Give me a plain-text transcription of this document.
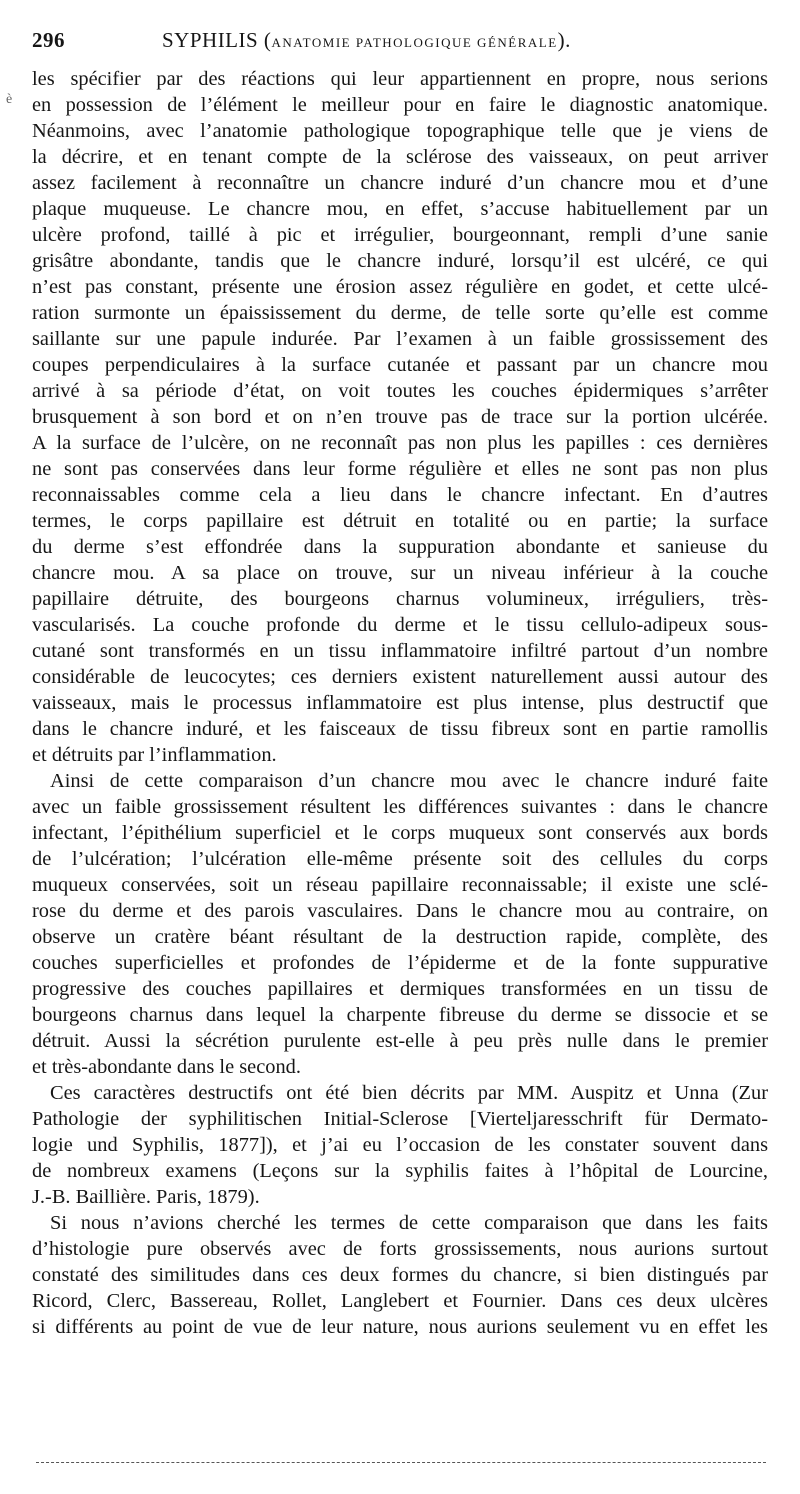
296	SYPHILIS (ANATOMIE PATHOLOGIQUE GÉNÉRALE).
è
les spécifier par des réactions qui leur appartiennent en propre, nous serions
en possession de l’élément le meilleur pour en faire le diagnostic anatomique.
Néanmoins, avec l’anatomie pathologique topographique telle que je viens de
la décrire, et en tenant compte de la sclérose des vaisseaux, on peut arriver
assez facilement à reconnaître un chancre induré d’un chancre mou et d’une
plaque muqueuse. Le chancre mou, en effet, s’accuse habituellement par un
ulcère profond, taillé à pic et irrégulier, bourgeonnant, rempli d’une sanie
grisâtre abondante, tandis que le chancre induré, lorsqu’il est ulcéré, ce qui
n’est pas constant, présente une érosion assez régulière en godet, et cette ulcé-
ration surmonte un épaississement du derme, de telle sorte qu’elle est comme
saillante sur une papule indurée. Par l’examen à un faible grossissement des
coupes perpendiculaires à la surface cutanée et passant par un chancre mou
arrivé à sa période d’état, on voit toutes les couches épidermiques s’arrêter
brusquement à son bord et on n’en trouve pas de trace sur la portion ulcérée.
A la surface de l’ulcère, on ne reconnaît pas non plus les papilles : ces dernières
ne sont pas conservées dans leur forme régulière et elles ne sont pas non plus
reconnaissables comme cela a lieu dans le chancre infectant. En d’autres
termes, le corps papillaire est détruit en totalité ou en partie; la surface
du derme s’est effondrée dans la suppuration abondante et sanieuse du
chancre mou. A sa place on trouve, sur un niveau inférieur à la couche
papillaire détruite, des bourgeons charnus volumineux, irréguliers, très-
vascularisés. La couche profonde du derme et le tissu cellulo-adipeux sous-
cutané sont transformés en un tissu inflammatoire infiltré partout d’un nombre
considérable de leucocytes; ces derniers existent naturellement aussi autour des
vaisseaux, mais le processus inflammatoire est plus intense, plus destructif que
dans le chancre induré, et les faisceaux de tissu fibreux sont en partie ramollis
et détruits par l’inflammation.
Ainsi de cette comparaison d’un chancre mou avec le chancre induré faite
avec un faible grossissement résultent les différences suivantes : dans le chancre
infectant, l’épithélium superficiel et le corps muqueux sont conservés aux bords
de l’ulcération; l’ulcération elle-même présente soit des cellules du corps
muqueux conservées, soit un réseau papillaire reconnaissable; il existe une sclé-
rose du derme et des parois vasculaires. Dans le chancre mou au contraire, on
observe un cratère béant résultant de la destruction rapide, complète, des
couches superficielles et profondes de l’épiderme et de la fonte suppurative
progressive des couches papillaires et dermiques transformées en un tissu de
bourgeons charnus dans lequel la charpente fibreuse du derme se dissocie et se
détruit. Aussi la sécrétion purulente est-elle à peu près nulle dans le premier
et très-abondante dans le second.
Ces caractères destructifs ont été bien décrits par MM. Auspitz et Unna (Zur
Pathologie der syphilitischen Initial-Sclerose [Vierteljaresschrift für Dermato-
logie und Syphilis, 1877]), et j’ai eu l’occasion de les constater souvent dans
de nombreux examens (Leçons sur la syphilis faites à l’hôpital de Lourcine,
J.-B. Baillière. Paris, 1879).
Si nous n’avions cherché les termes de cette comparaison que dans les faits
d’histologie pure observés avec de forts grossissements, nous aurions surtout
constaté des similitudes dans ces deux formes du chancre, si bien distingués par
Ricord, Clerc, Bassereau, Rollet, Langlebert et Fournier. Dans ces deux ulcères
si différents au point de vue de leur nature, nous aurions seulement vu en effet les
